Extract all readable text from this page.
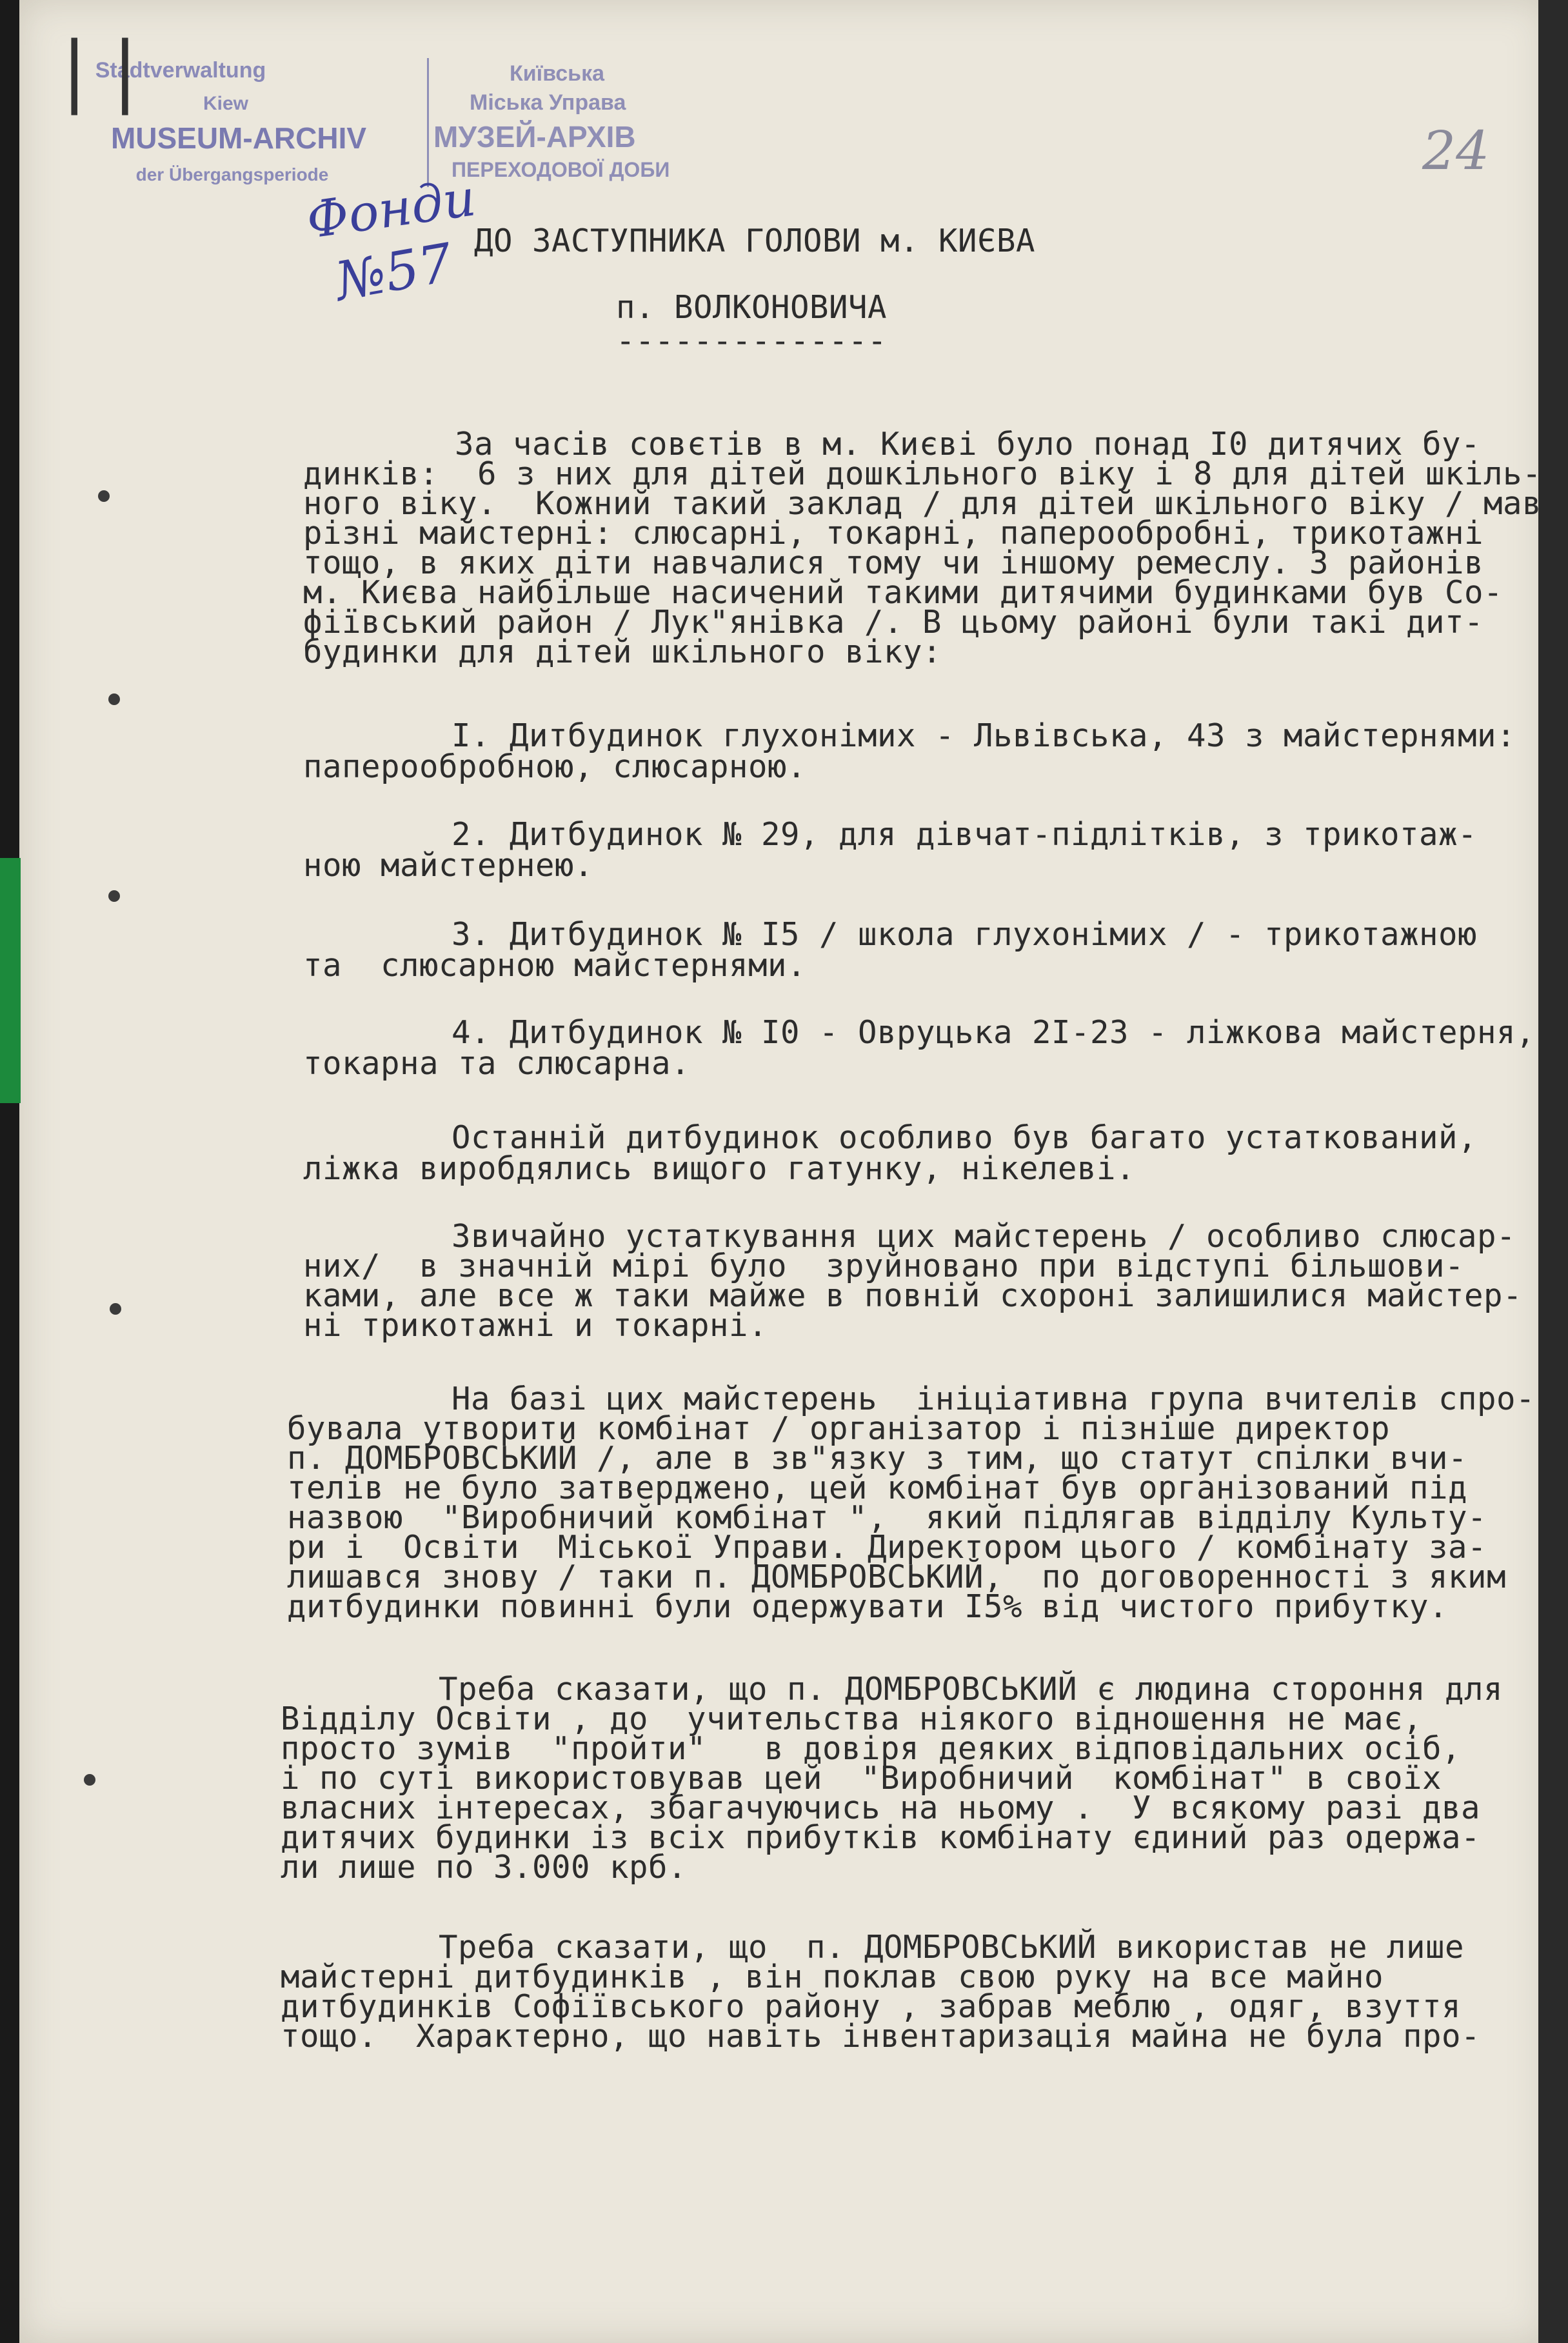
Stadtverwaltung
Kiew
MUSEUM-ARCHIV
der Übergangsperiode

Київська

Міська Управа

МУЗЕЙ-АРХІВ

ПЕРЕХОДОВОЇ ДОБИ

| |

Фонди

№57

24

ДО ЗАСТУПНИКА ГОЛОВИ м. КИЄВА

п. ВОЛКОНОВИЧА

--------------

За часів совєтів в м. Києві було понад І0 дитячих бу-

динків:  6 з них для дітей дошкільного віку і 8 для дітей шкіль-

ного віку.  Кожний такий заклад / для дітей шкільного віку / мав

різні майстерні: слюсарні, токарні, паперообробні, трикотажні

тощо, в яких діти навчалися тому чи іншому ремеслу. З районів

м. Києва найбільше насичений такими дитячими будинками був Со-

фіївський район / Лук"янівка /. В цьому районі були такі дит-

будинки для дітей шкільного віку:

І. Дитбудинок глухонімих - Львівська, 43 з майстернями:

паперообробною, слюсарною.

2. Дитбудинок № 29, для дівчат-підлітків, з трикотаж-

ною майстернею.

3. Дитбудинок № І5 / школа глухонімих / - трикотажною

та  слюсарною майстернями.

4. Дитбудинок № І0 - Овруцька 2І-23 - ліжкова майстерня,

токарна та слюсарна.

Останній дитбудинок особливо був багато устаткований,

ліжка виробдялись вищого гатунку, нікелеві.

Звичайно устаткування цих майстерень / особливо слюсар-

них/  в значній мірі було  зруйновано при відступі більшови-

ками, але все ж таки майже в повній схороні залишилися майстер-

ні трикотажні и токарні.

На базі цих майстерень  ініціативна група вчителів спро-

бувала утворити комбінат / організатор і пізніше директор

п. ДОМБРОВСЬКИЙ /, але в зв"язку з тим, що статут спілки вчи-

телів не було затверджено, цей комбінат був організований під

назвою  "Виробничий комбінат ",  який підлягав відділу Культу-

ри і  Освіти  Міської Управи. Директором цього / комбінату за-

лишався знову / таки п. ДОМБРОВСЬКИЙ,  по договоренності з яким

дитбудинки повинні були одержувати І5% від чистого прибутку.

Треба сказати, що п. ДОМБРОВСЬКИЙ є людина стороння для

Відділу Освіти , до  учительства ніякого відношення не має,

просто зумів  "пройти"   в довіря деяких відповідальних осіб,

і по суті використовував цей  "Виробничий  комбінат" в своїх

власних інтересах, збагачуючись на ньому .  У всякому разі два

дитячих будинки із всіх прибутків комбінату єдиний раз одержа-

ли лише по 3.000 крб.

Треба сказати, що  п. ДОМБРОВСЬКИЙ використав не лише

майстерні дитбудинків , він поклав свою руку на все майно

дитбудинків Софіївського району , забрав меблю , одяг, взуття

тощо.  Характерно, що навіть інвентаризація майна не була про-
